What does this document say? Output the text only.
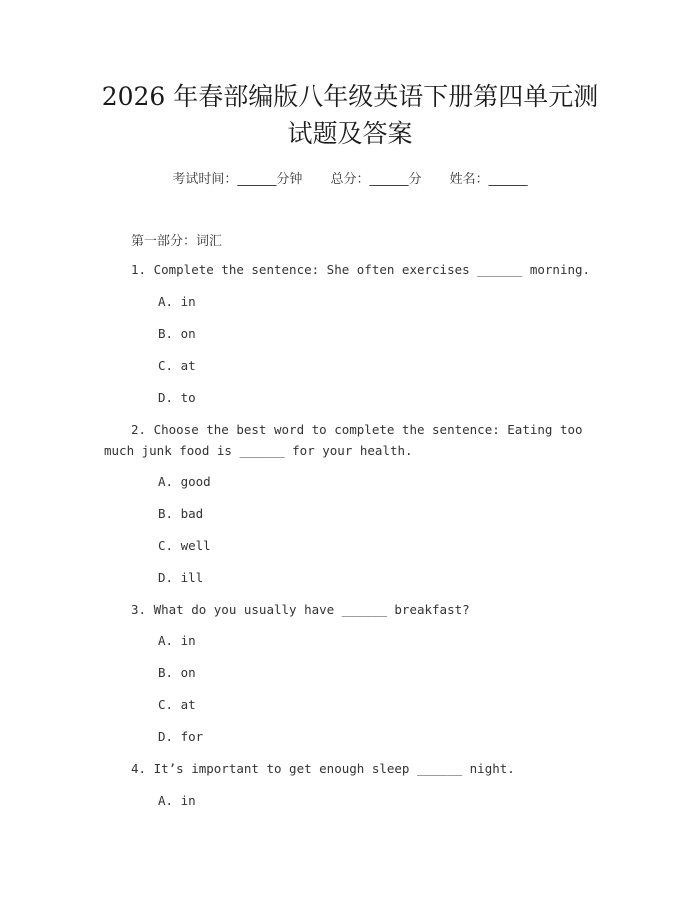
2026 年春部编版八年级英语下册第四单元测试题及答案
考试时间：______分钟 总分：______分 姓名：______
第一部分：词汇
1. Complete the sentence: She often exercises ______ morning.
A. in
B. on
C. at
D. to
2. Choose the best word to complete the sentence: Eating too much junk food is ______ for your health.
A. good
B. bad
C. well
D. ill
3. What do you usually have ______ breakfast?
A. in
B. on
C. at
D. for
4. It’s important to get enough sleep ______ night.
A. in
